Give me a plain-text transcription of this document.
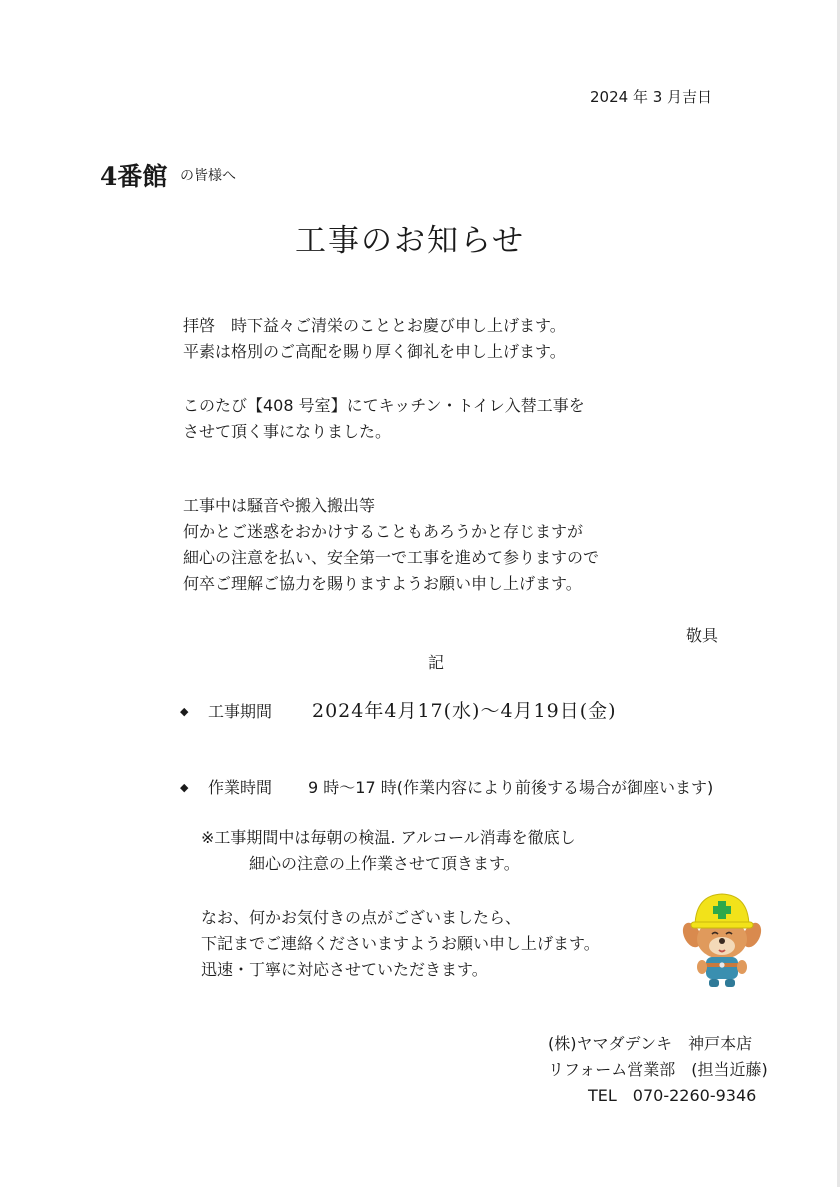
2024 年 3 月吉日
4番館 の皆様へ
工事のお知らせ
拝啓　時下益々ご清栄のこととお慶び申し上げます。
平素は格別のご高配を賜り厚く御礼を申し上げます。
このたび【408 号室】にてキッチン・トイレ入替工事を
させて頂く事になりました。
工事中は騒音や搬入搬出等
何かとご迷惑をおかけすることもあろうかと存じますが
細心の注意を払い、安全第一で工事を進めて参りますので
何卒ご理解ご協力を賜りますようお願い申し上げます。
敬具
記
◆ 工事期間 2024年4月17(水)〜4月19日(金)
◆ 作業時間 9 時〜17 時(作業内容により前後する場合が御座います)
※工事期間中は毎朝の検温. アルコール消毒を徹底し
細心の注意の上作業させて頂きます。
なお、何かお気付きの点がございましたら、
下記までご連絡くださいますようお願い申し上げます。
迅速・丁寧に対応させていただきます。
(株)ヤマダデンキ　神戸本店
リフォーム営業部　(担当近藤)
TEL　070-2260-9346
